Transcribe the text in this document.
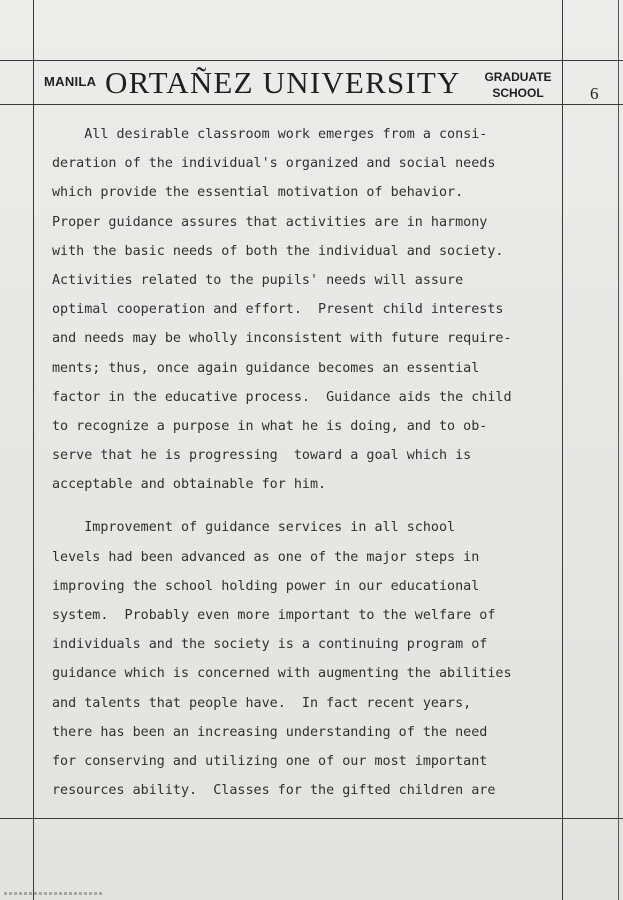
MANILA ORTAÑEZ UNIVERSITY	GRADUATE
SCHOOL	6
All desirable classroom work emerges from a consi-
deration of the individual's organized and social needs
which provide the essential motivation of behavior.
Proper guidance assures that activities are in harmony
with the basic needs of both the individual and society.
Activities related to the pupils' needs will assure
optimal cooperation and effort.  Present child interests
and needs may be wholly inconsistent with future require-
ments; thus, once again guidance becomes an essential
factor in the educative process.  Guidance aids the child
to recognize a purpose in what he is doing, and to ob-
serve that he is progressing  toward a goal which is
acceptable and obtainable for him.
Improvement of guidance services in all school
levels had been advanced as one of the major steps in
improving the school holding power in our educational
system.  Probably even more important to the welfare of
individuals and the society is a continuing program of
guidance which is concerned with augmenting the abilities
and talents that people have.  In fact recent years,
there has been an increasing understanding of the need
for conserving and utilizing one of our most important
resources ability.  Classes for the gifted children are
